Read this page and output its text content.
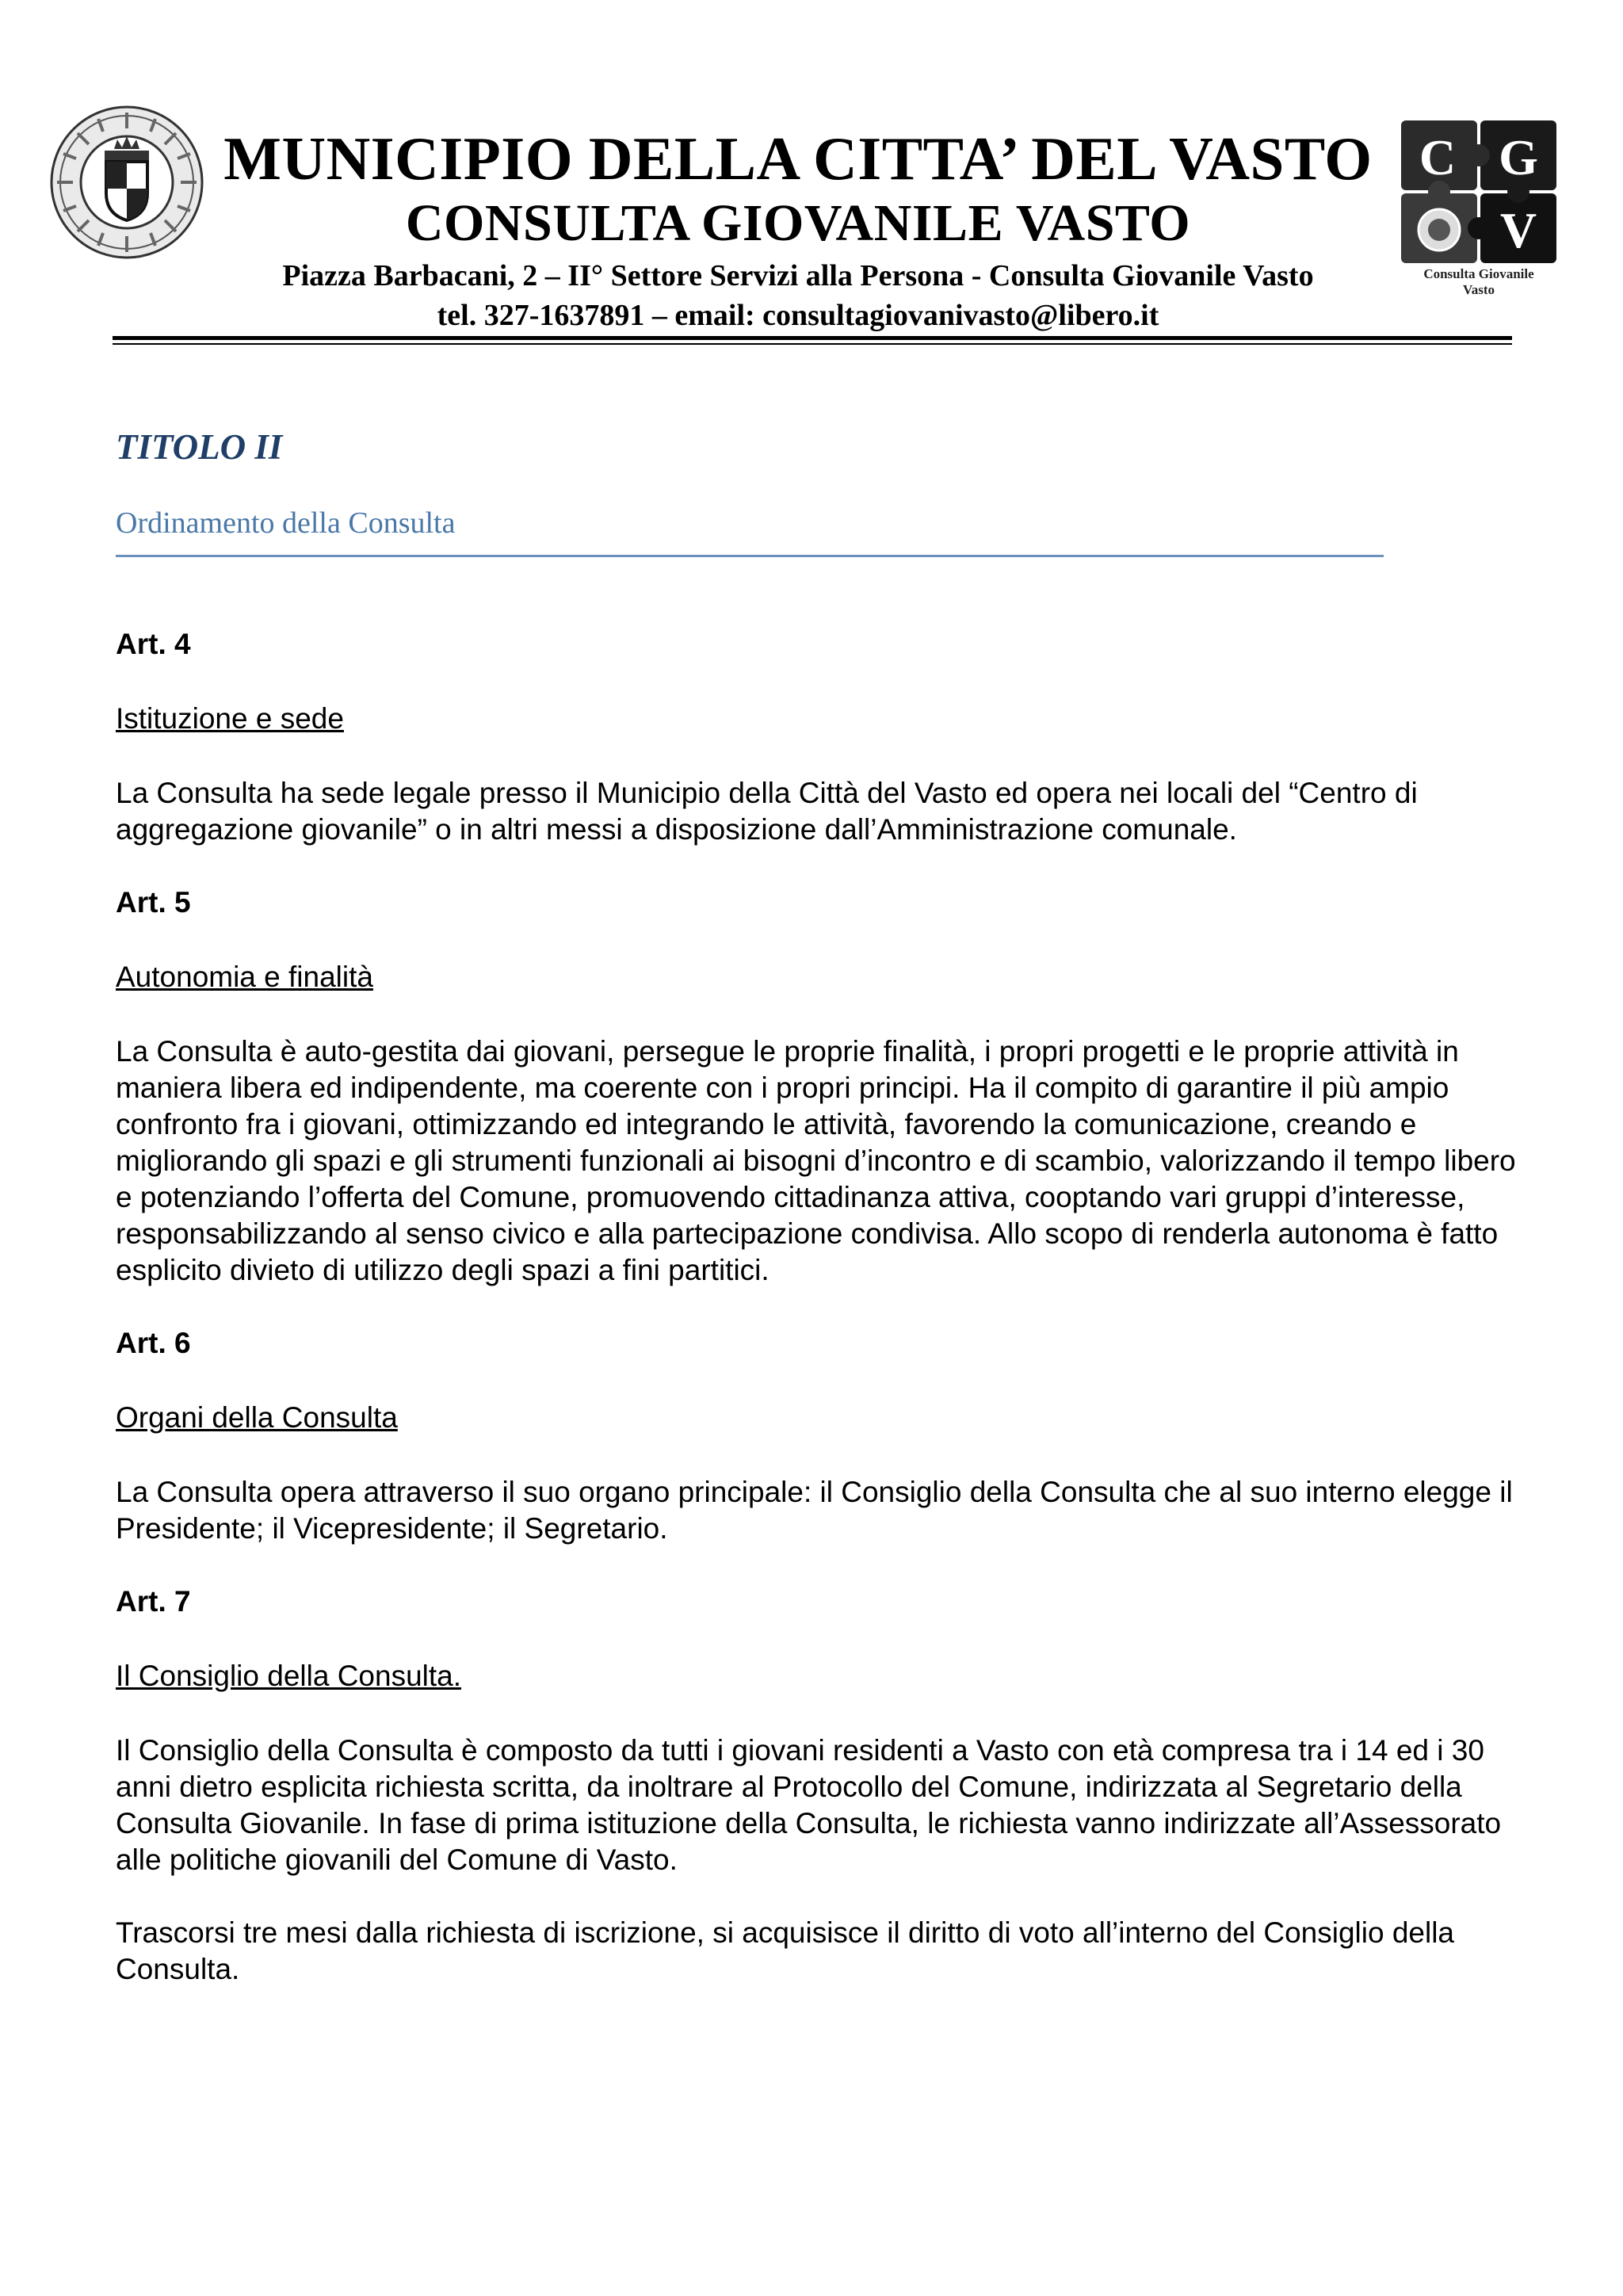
MUNICIPIO DELLA CITTA’ DEL VASTO
CONSULTA GIOVANILE VASTO
Piazza Barbacani, 2 – II° Settore Servizi alla Persona - Consulta Giovanile Vasto
tel. 327-1637891 – email: consultagiovanivasto@libero.it
C G
V
Consulta Giovanile
Vasto
TITOLO II
Ordinamento della Consulta
Art. 4
Istituzione e sede
La Consulta ha sede legale presso il Municipio della Città del Vasto ed opera nei locali del “Centro di aggregazione giovanile” o in altri messi a disposizione dall’Amministrazione comunale.
Art. 5
Autonomia e finalità
La Consulta è auto-gestita dai giovani, persegue le proprie finalità, i propri progetti e le proprie attività in maniera libera ed indipendente, ma coerente con i propri principi. Ha il compito di garantire il più ampio confronto fra i giovani, ottimizzando ed integrando le attività, favorendo la comunicazione, creando e migliorando gli spazi e gli strumenti funzionali ai bisogni d’incontro e di scambio, valorizzando il tempo libero e potenziando l’offerta del Comune, promuovendo cittadinanza attiva, cooptando vari gruppi d’interesse, responsabilizzando al senso civico e alla partecipazione condivisa. Allo scopo di renderla autonoma è fatto esplicito divieto di utilizzo degli spazi a fini partitici.
Art. 6
Organi della Consulta
La Consulta opera attraverso il suo organo principale: il Consiglio della Consulta che al suo interno elegge il Presidente; il Vicepresidente; il Segretario.
Art. 7
Il Consiglio della Consulta.
Il Consiglio della Consulta è composto da tutti i giovani residenti a Vasto con età compresa tra i 14 ed i 30 anni dietro esplicita richiesta scritta, da inoltrare al Protocollo del Comune, indirizzata al Segretario della Consulta Giovanile. In fase di prima istituzione della Consulta, le richiesta vanno indirizzate all’Assessorato alle politiche giovanili del Comune di Vasto.
Trascorsi tre mesi dalla richiesta di iscrizione, si acquisisce il diritto di voto all’interno del Consiglio della Consulta.
